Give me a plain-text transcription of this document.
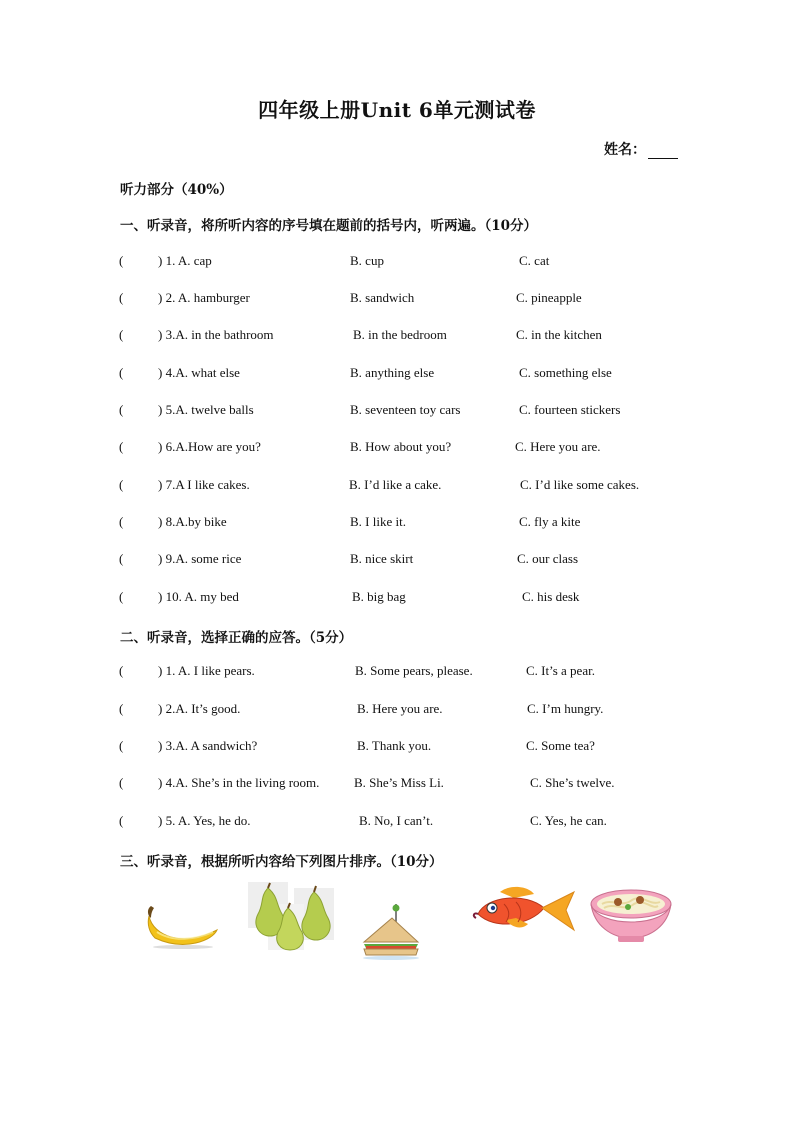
四年级上册Unit 6单元测试卷
姓名：
听力部分（40%）
一、听录音，将所听内容的序号填在题前的括号内，听两遍。（10分）
(	) 1. A. cap	B. cup	C. cat
(	) 2. A. hamburger	B. sandwich	C. pineapple
(	) 3.A. in the bathroom	B. in the bedroom	C. in the kitchen
(	) 4.A. what else	B. anything else	C. something else
(	) 5.A. twelve balls	B. seventeen toy cars	C. fourteen stickers
(	) 6.A.How are you?	B. How about you?	C. Here you are.
(	) 7.A I like cakes.	B. I’d like a cake.	C. I’d like some cakes.
(	) 8.A.by bike	B. I like it.	C. fly a kite
(	) 9.A. some rice	B. nice skirt	C. our class
(	) 10. A. my bed	B. big bag	C. his desk
二、听录音，选择正确的应答。（5分）
(	) 1. A. I like pears.	B. Some pears, please.	C. It’s a pear.
(	) 2.A. It’s good.	B. Here you are.	C. I’m hungry.
(	) 3.A. A sandwich?	B. Thank you.	C. Some tea?
(	) 4.A. She’s in the living room.	B. She’s Miss Li.	C. She’s twelve.
(	) 5. A. Yes, he do.	B. No, I can’t.	C. Yes, he can.
三、听录音，根据所听内容给下列图片排序。（10分）
